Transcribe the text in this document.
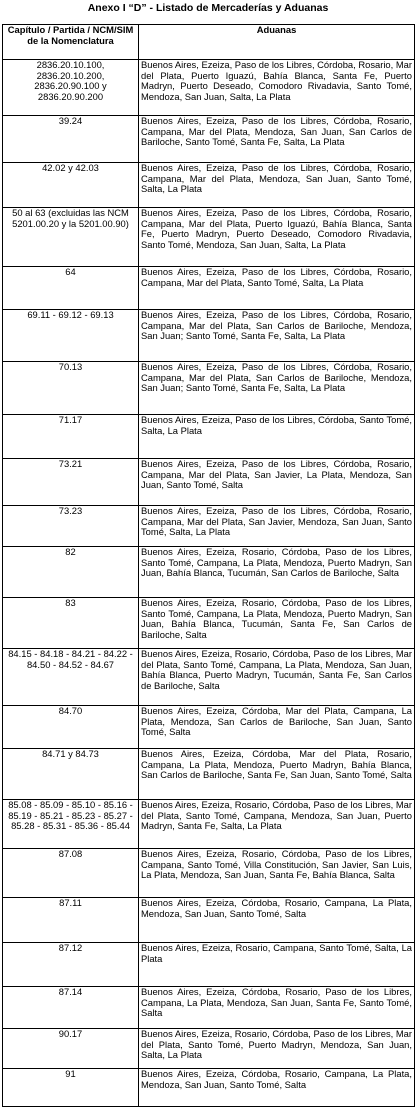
Anexo I “D” - Listado de Mercaderías y Aduanas
Capítulo / Partida / NCM/SIM de la Nomenclatura	Aduanas
2836.20.10.100, 2836.20.10.200, 2836.20.90.100 y 2836.20.90.200	Buenos Aires, Ezeiza, Paso de los Libres, Córdoba, Rosario, Mar del Plata, Puerto Iguazú, Bahía Blanca, Santa Fe, Puerto Madryn, Puerto Deseado, Comodoro Rivadavia, Santo Tomé, Mendoza, San Juan, Salta, La Plata
39.24	Buenos Aires, Ezeiza, Paso de los Libres, Córdoba, Rosario, Campana, Mar del Plata, Mendoza, San Juan, San Carlos de Bariloche, Santo Tomé, Santa Fe, Salta, La Plata
42.02 y 42.03	Buenos Aires, Ezeiza, Paso de los Libres, Córdoba, Rosario, Campana, Mar del Plata, Mendoza, San Juan, Santo Tomé, Salta, La Plata
50 al 63 (excluidas las NCM 5201.00.20 y la 5201.00.90)	Buenos Aires, Ezeiza, Paso de los Libres, Córdoba, Rosario, Campana, Mar del Plata, Puerto Iguazú, Bahía Blanca, Santa Fe, Puerto Madryn, Puerto Deseado, Comodoro Rivadavia, Santo Tomé, Mendoza, San Juan, Salta, La Plata
64	Buenos Aires, Ezeiza, Paso de los Libres, Córdoba, Rosario, Campana, Mar del Plata, Santo Tomé, Salta, La Plata
69.11 - 69.12 - 69.13	Buenos Aires, Ezeiza, Paso de los Libres, Córdoba, Rosario, Campana, Mar del Plata, San Carlos de Bariloche, Mendoza, San Juan; Santo Tomé, Santa Fe, Salta, La Plata
70.13	Buenos Aires, Ezeiza, Paso de los Libres, Córdoba, Rosario, Campana, Mar del Plata, San Carlos de Bariloche, Mendoza, San Juan; Santo Tomé, Santa Fe, Salta, La Plata
71.17	Buenos Aires, Ezeiza, Paso de los Libres, Córdoba, Santo Tomé, Salta, La Plata
73.21	Buenos Aires, Ezeiza, Paso de los Libres, Córdoba, Rosario, Campana, Mar del Plata, San Javier, La Plata, Mendoza, San Juan, Santo Tomé, Salta
73.23	Buenos Aires, Ezeiza, Paso de los Libres, Córdoba, Rosario, Campana, Mar del Plata, San Javier, Mendoza, San Juan, Santo Tomé, Salta, La Plata
82	Buenos Aires, Ezeiza, Rosario, Córdoba, Paso de los Libres, Santo Tomé, Campana, La Plata, Mendoza, Puerto Madryn, San Juan, Bahía Blanca, Tucumán, San Carlos de Bariloche, Salta
83	Buenos Aires, Ezeiza, Rosario, Córdoba, Paso de los Libres, Santo Tomé, Campana, La Plata, Mendoza, Puerto Madryn, San Juan, Bahía Blanca, Tucumán, Santa Fe, San Carlos de Bariloche, Salta
84.15 - 84.18 - 84.21 - 84.22 - 84.50 - 84.52 - 84.67	Buenos Aires, Ezeiza, Rosario, Córdoba, Paso de los Libres, Mar del Plata, Santo Tomé, Campana, La Plata, Mendoza, San Juan, Bahía Blanca, Puerto Madryn, Tucumán, Santa Fe, San Carlos de Bariloche, Salta
84.70	Buenos Aires, Ezeiza, Córdoba, Mar del Plata, Campana, La Plata, Mendoza, San Carlos de Bariloche, San Juan, Santo Tomé, Salta
84.71 y 84.73	Buenos Aires, Ezeiza, Córdoba, Mar del Plata, Rosario, Campana, La Plata, Mendoza, Puerto Madryn, Bahía Blanca, San Carlos de Bariloche, Santa Fe, San Juan, Santo Tomé, Salta
85.08 - 85.09 - 85.10 - 85.16 - 85.19 - 85.21 - 85.23 - 85.27 - 85.28 - 85.31 - 85.36 - 85.44	Buenos Aires, Ezeiza, Rosario, Córdoba, Paso de los Libres, Mar del Plata, Santo Tomé, Campana, Mendoza, San Juan, Puerto Madryn, Santa Fe, Salta, La Plata
87.08	Buenos Aires, Ezeiza, Rosario, Córdoba, Paso de los Libres, Campana, Santo Tomé, Villa Constitución, San Javier, San Luis, La Plata, Mendoza, San Juan, Santa Fe, Bahía Blanca, Salta
87.11	Buenos Aires, Ezeiza, Córdoba, Rosario, Campana, La Plata, Mendoza, San Juan, Santo Tomé, Salta
87.12	Buenos Aires, Ezeiza, Rosario, Campana, Santo Tomé, Salta, La Plata
87.14	Buenos Aires, Ezeiza, Córdoba, Rosario, Paso de los Libres, Campana, La Plata, Mendoza, San Juan, Santa Fe, Santo Tomé, Salta
90.17	Buenos Aires, Ezeiza, Rosario, Córdoba, Paso de los Libres, Mar del Plata, Santo Tomé, Puerto Madryn, Mendoza, San Juan, Salta, La Plata
91	Buenos Aires, Ezeiza, Córdoba, Rosario, Campana, La Plata, Mendoza, San Juan, Santo Tomé, Salta
